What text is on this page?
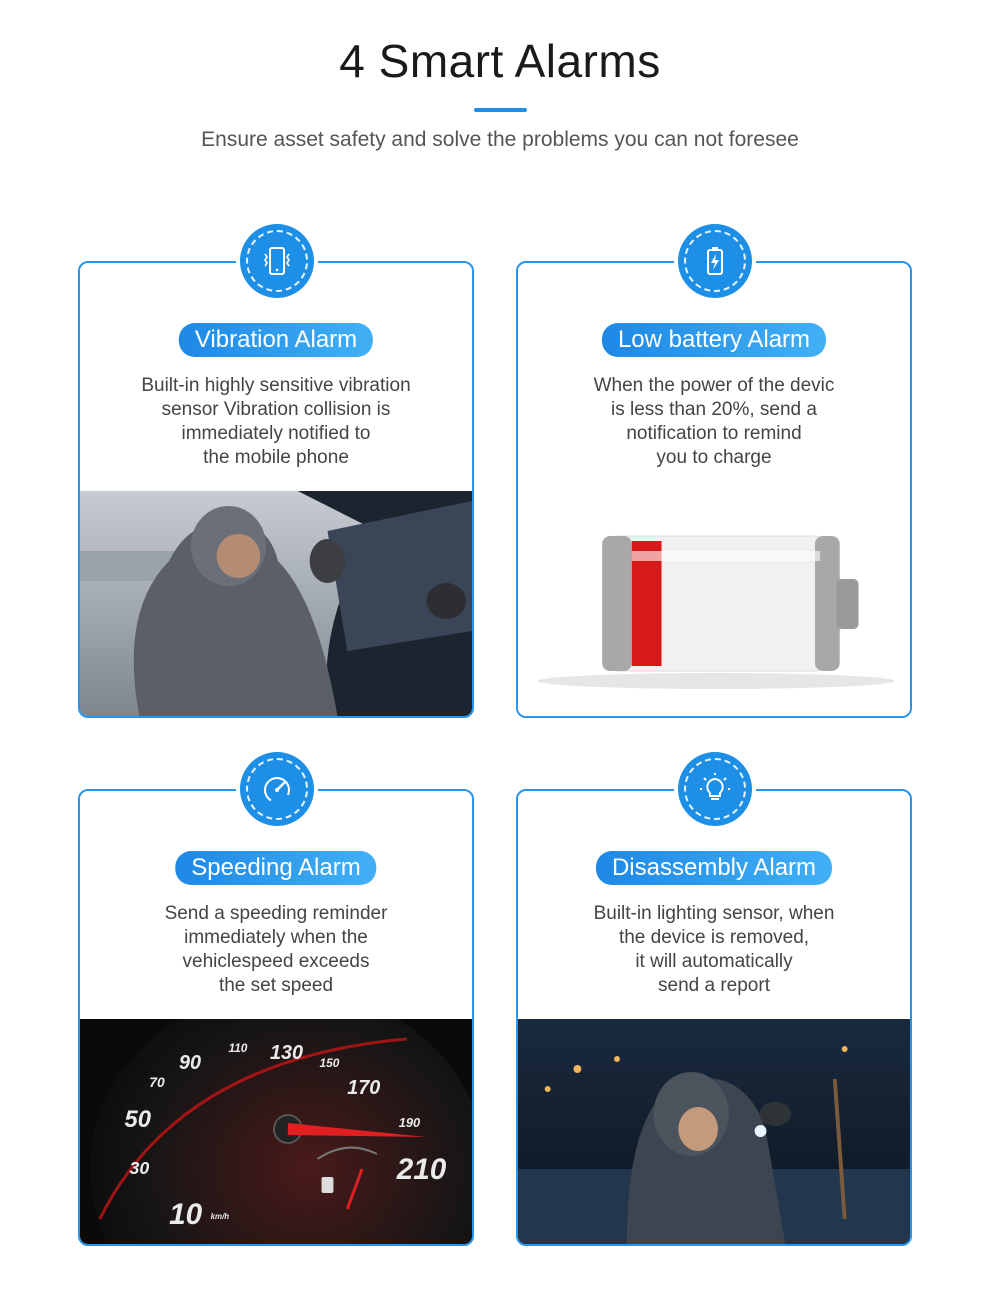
4 Smart Alarms
Ensure asset safety and solve the problems you can not foresee
Vibration Alarm
Built-in highly sensitive vibration
sensor Vibration collision is
immediately notified to
the mobile phone
Low battery Alarm
When the power of the devic
is less than 20%, send a
notification to remind
you to charge
Speeding Alarm
Send a speeding reminder
immediately when the
vehiclespeed exceeds
the set speed
10
30
50
70
90
110 130 150
170
190
210
km/h
Disassembly Alarm
Built-in lighting sensor, when
the device is removed,
it will automatically
send a report
